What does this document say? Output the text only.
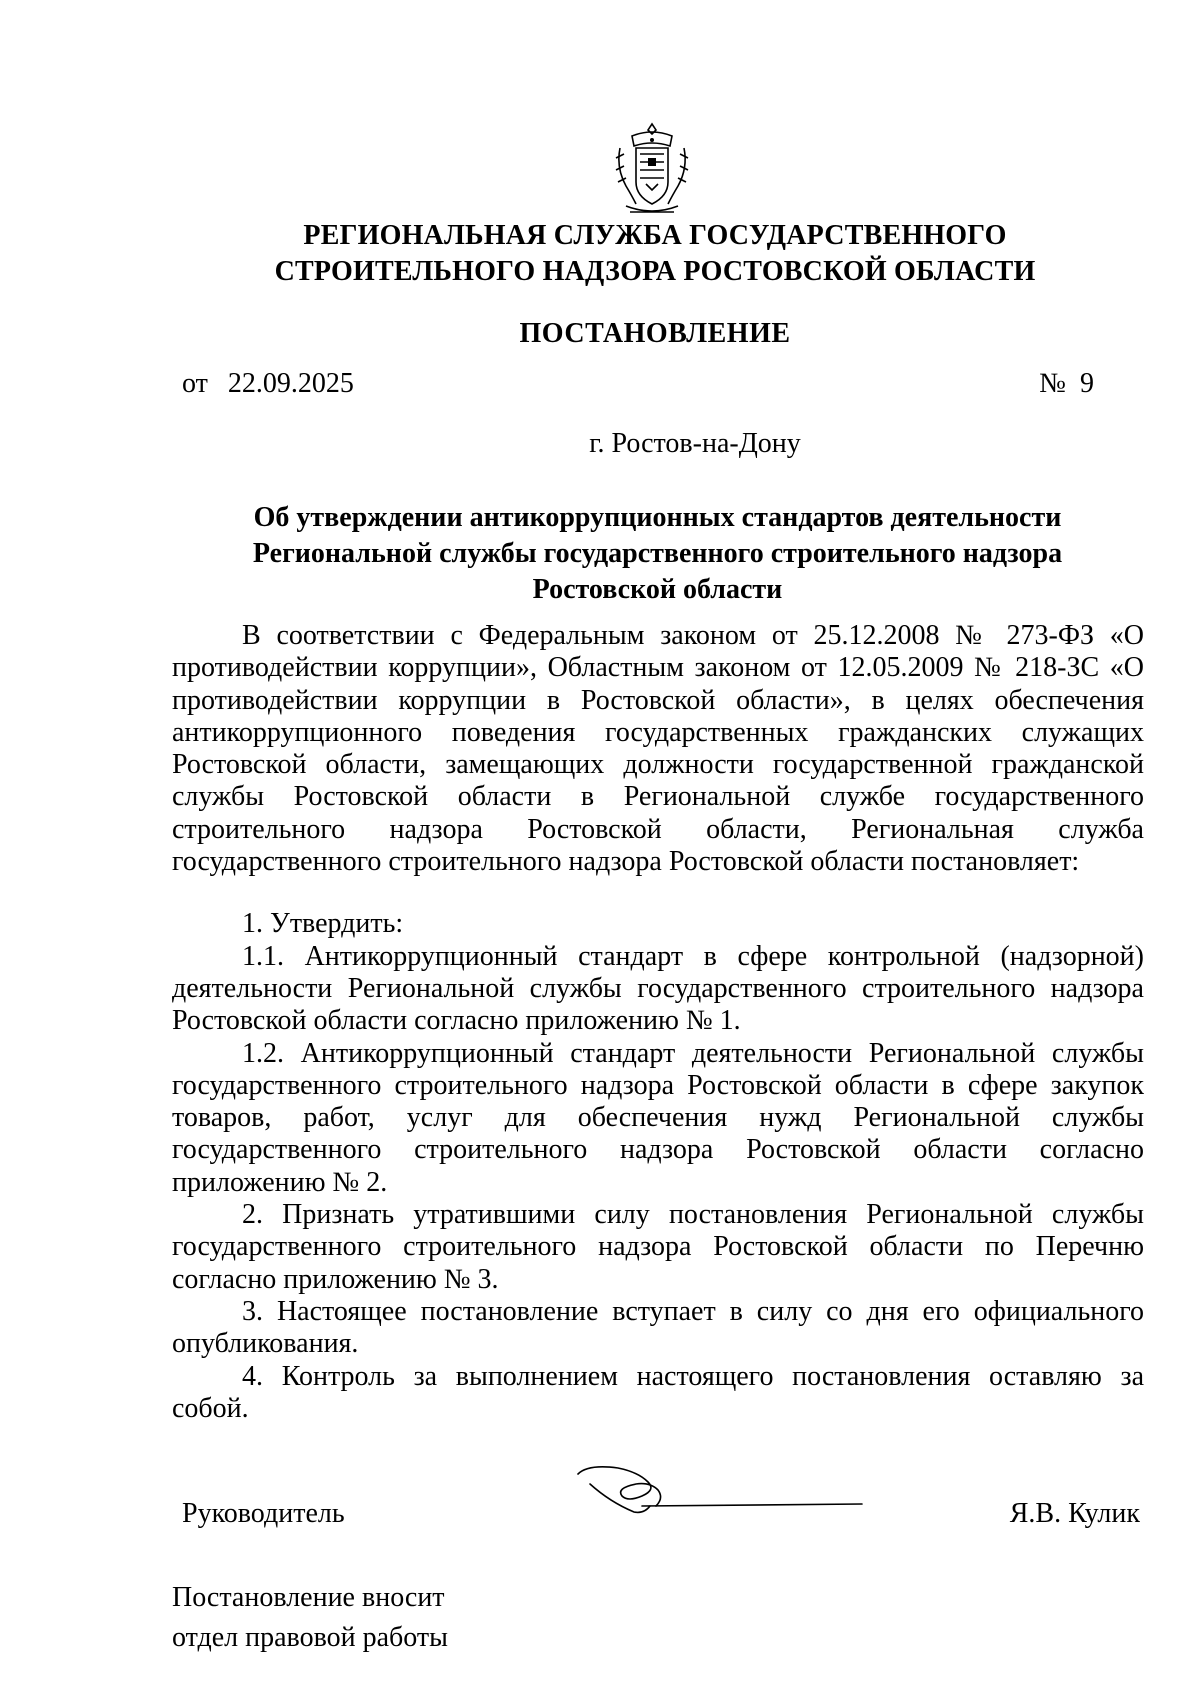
РЕГИОНАЛЬНАЯ СЛУЖБА ГОСУДАРСТВЕННОГО
СТРОИТЕЛЬНОГО НАДЗОРА РОСТОВСКОЙ ОБЛАСТИ
ПОСТАНОВЛЕНИЕ
от 22.09.2025	№ 9
г. Ростов-на-Дону
Об утверждении антикоррупционных стандартов деятельности
Региональной службы государственного строительного надзора
Ростовской области

В соответствии с Федеральным законом от 25.12.2008 № 273-ФЗ «О противодействии коррупции», Областным законом от 12.05.2009 № 218-ЗС «О противодействии коррупции в Ростовской области», в целях обеспечения антикоррупционного поведения государственных гражданских служащих Ростовской области, замещающих должности государственной гражданской службы Ростовской области в Региональной службе государственного строительного надзора Ростовской области, Региональная служба государственного строительного надзора Ростовской области постановляет:

1. Утвердить:

1.1. Антикоррупционный стандарт в сфере контрольной (надзорной) деятельности Региональной службы государственного строительного надзора Ростовской области согласно приложению № 1.

1.2. Антикоррупционный стандарт деятельности Региональной службы государственного строительного надзора Ростовской области в сфере закупок товаров, работ, услуг для обеспечения нужд Региональной службы государственного строительного надзора Ростовской области согласно приложению № 2.

2. Признать утратившими силу постановления Региональной службы государственного строительного надзора Ростовской области по Перечню согласно приложению № 3.

3. Настоящее постановление вступает в силу со дня его официального опубликования.

4. Контроль за выполнением настоящего постановления оставляю за собой.

Руководитель	Я.В. Кулик
Постановление вносит
отдел правовой работы
